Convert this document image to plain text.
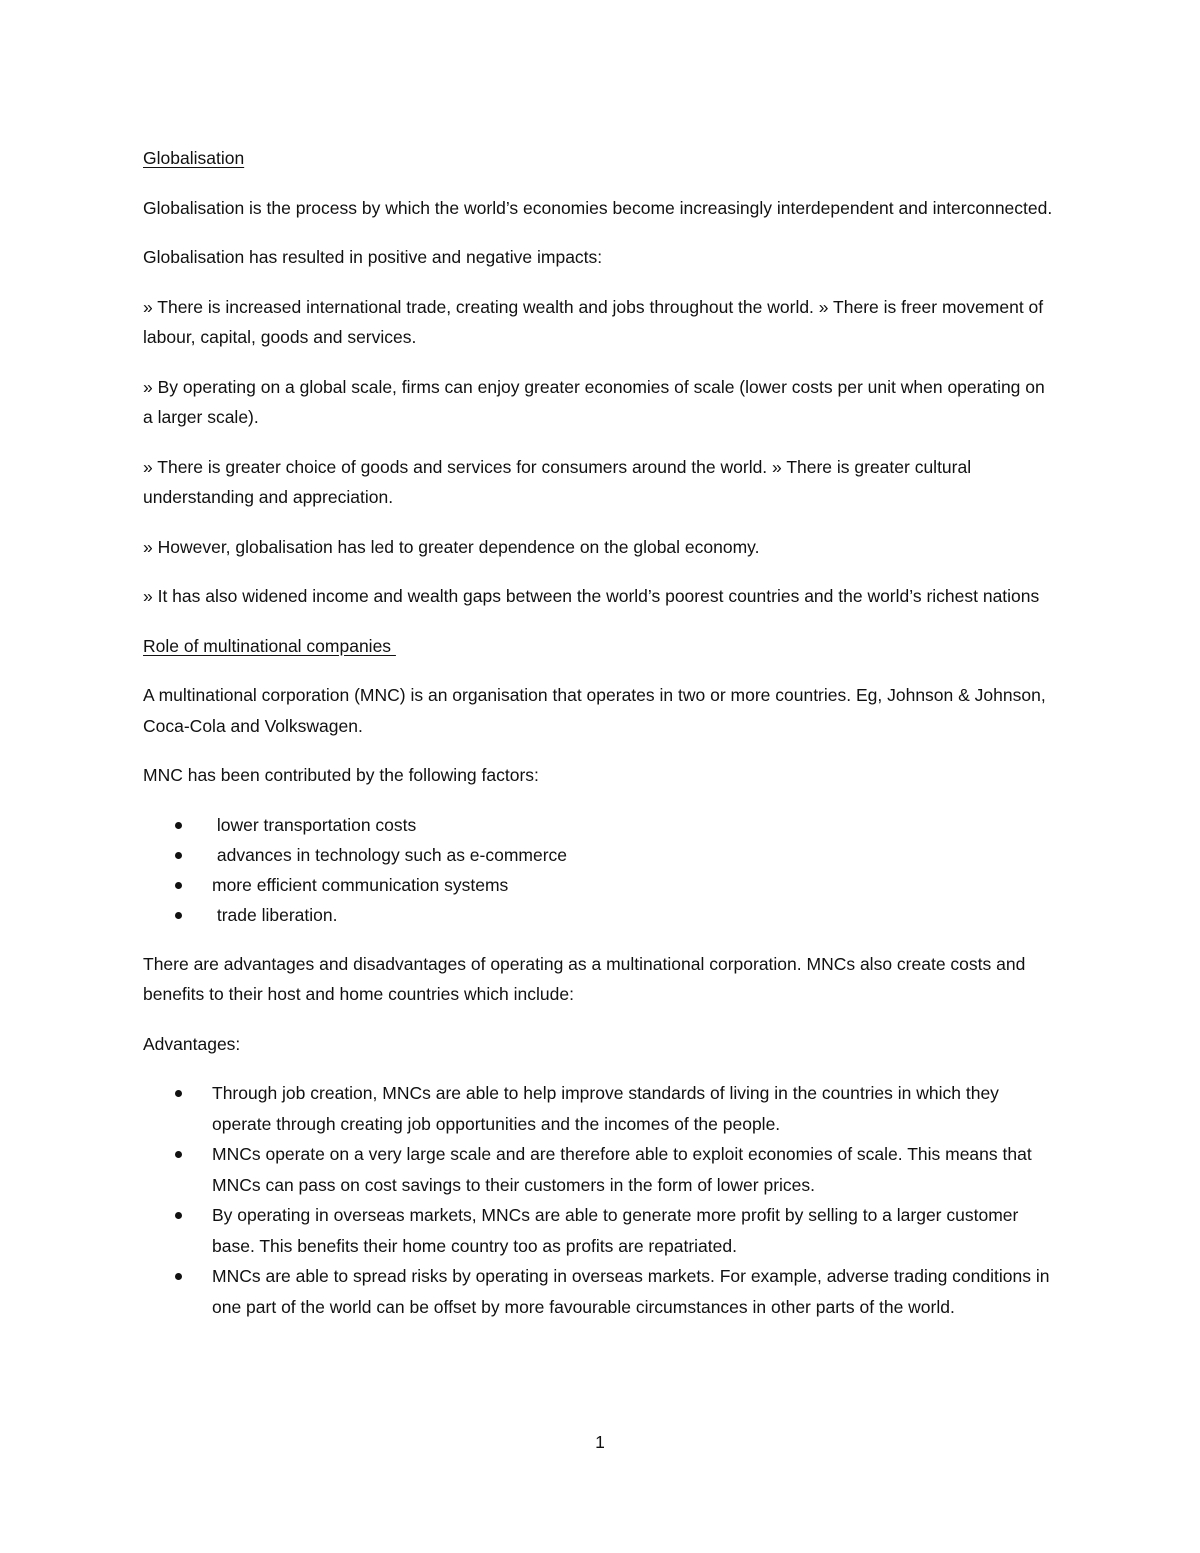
Globalisation

Globalisation is the process by which the world’s economies become increasingly interdependent and interconnected.

Globalisation has resulted in positive and negative impacts:

» There is increased international trade, creating wealth and jobs throughout the world. » There is freer movement of labour, capital, goods and services.

» By operating on a global scale, firms can enjoy greater economies of scale (lower costs per unit when operating on a larger scale).

» There is greater choice of goods and services for consumers around the world. » There is greater cultural understanding and appreciation.

» However, globalisation has led to greater dependence on the global economy.

» It has also widened income and wealth gaps between the world’s poorest countries and the world’s richest nations

Role of multinational companies

A multinational corporation (MNC) is an organisation that operates in two or more countries. Eg, Johnson & Johnson, Coca-Cola and Volkswagen.

MNC has been contributed by the following factors:

lower transportation costs
advances in technology such as e-commerce
more efficient communication systems
trade liberation.

There are advantages and disadvantages of operating as a multinational corporation. MNCs also create costs and benefits to their host and home countries which include:

Advantages:

Through job creation, MNCs are able to help improve standards of living in the countries in which they operate through creating job opportunities and the incomes of the people.
MNCs operate on a very large scale and are therefore able to exploit economies of scale. This means that MNCs can pass on cost savings to their customers in the form of lower prices.
By operating in overseas markets, MNCs are able to generate more profit by selling to a larger customer base. This benefits their home country too as profits are repatriated.
MNCs are able to spread risks by operating in overseas markets. For example, adverse trading conditions in one part of the world can be offset by more favourable circumstances in other parts of the world.
1
